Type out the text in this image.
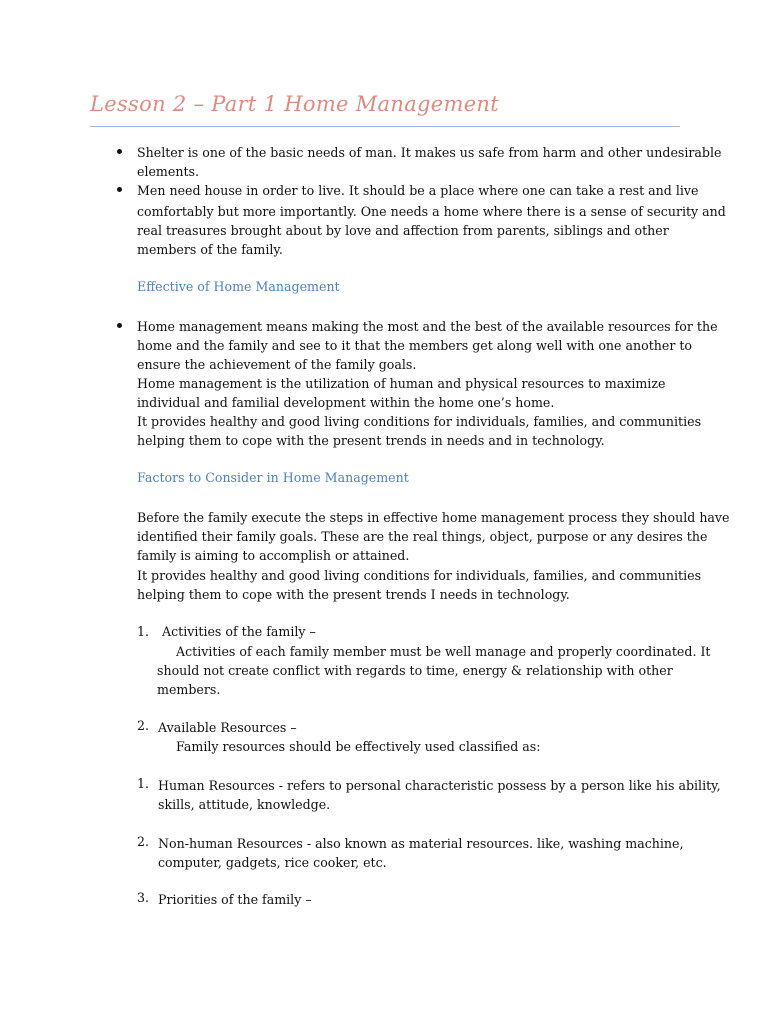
Lesson 2 – Part 1 Home Management
Shelter is one of the basic needs of man. It makes us safe from harm and other undesirable
elements.
Men need house in order to live. It should be a place where one can take a rest and live
comfortably but more importantly. One needs a home where there is a sense of security and
real treasures brought about by love and affection from parents, siblings and other
members of the family.
Effective of Home Management
Home management means making the most and the best of the available resources for the
home and the family and see to it that the members get along well with one another to
ensure the achievement of the family goals.
Home management is the utilization of human and physical resources to maximize
individual and familial development within the home one’s home.
It provides healthy and good living conditions for individuals, families, and communities
helping them to cope with the present trends in needs and in technology.
Factors to Consider in Home Management
Before the family execute the steps in effective home management process they should have
identified their family goals. These are the real things, object, purpose or any desires the
family is aiming to accomplish or attained.
It provides healthy and good living conditions for individuals, families, and communities
helping them to cope with the present trends I needs in technology.
1. Activities of the family –
Activities of each family member must be well manage and properly coordinated. It
should not create conflict with regards to time, energy & relationship with other
members.
2. Available Resources –
Family resources should be effectively used classified as:
1. Human Resources - refers to personal characteristic possess by a person like his ability,
skills, attitude, knowledge.
2. Non-human Resources - also known as material resources. like, washing machine,
computer, gadgets, rice cooker, etc.
3. Priorities of the family –
